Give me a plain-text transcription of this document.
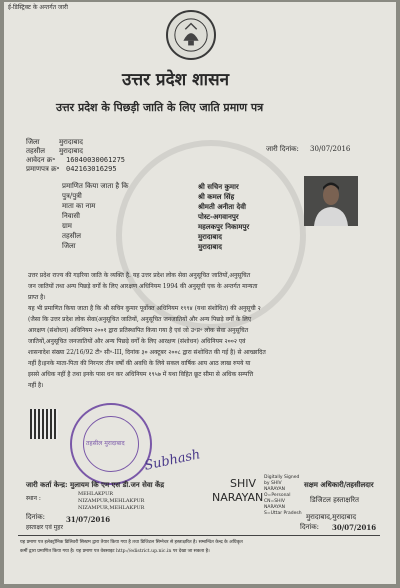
ई-डिस्ट्रिक्ट के अन्तर्गत जारी
उत्तर प्रदेश शासन
उत्तर प्रदेश के पिछड़ी जाति के लिए जाति प्रमाण पत्र
जिला	मुरादाबाद
तहसील मुरादाबाद
आवेदन क्र॰ 16040030061275
प्रमाणपत्र क्र॰ 042163016295
जारी दिनांक: 30/07/2016
प्रमाणित किया जाता है कि	श्री सचिन कुमार
पुत्र/पुत्री	श्री कमल सिंह
माता का नाम	श्रीमती अनीता देवी
निवासी	पोस्ट-अगवानपुर
ग्राम	महलकपुर निकामपुर
तहसील	मुरादाबाद
जिला	मुरादाबाद
उत्तर प्रदेश राज्य की गड़रिया जाति के व्यक्ति है. यह उत्तर प्रदेश लोक सेवा अनुसूचित जातियों,अनुसूचित
जन जातियों तथा अन्य पिछड़े वर्गों के लिए आरक्षण अधिनियम 1994 की अनुसूची एक के अन्तर्गत मान्यता
प्राप्त है।
यह भी प्रमाणित किया जाता है कि श्री सचिन कुमार पूर्वोक्त अधिनियम १९९४ (यथा संशोधित) की अनुसूची २
(जैसा कि उत्तर प्रदेश लोक सेवा(अनुसूचित जातियों, अनुसूचित जनजातियों और अन्य पिछड़े वर्गों के लिए
आरक्षण (संशोधन) अधिनियम २००१ द्वारा प्रतिस्थापित किया गया है एवं जो उ॰प्र॰ लोक सेवा अनुसूचित
जातियों,अनुसूचित जनजातियों और अन्य पिछड़े वर्गों के लिए आरक्षण (संशोधन) अधिनियम २००२ एवं
शासनादेश संख्या 22/16/92 टी॰ सी॰-III, दिनांक ३० अक्टूबर २००८ द्वारा संशोधित की गई है) से आच्छादित
नहीं है।इनके माता-पिता की निरन्तर तीन वर्षों की अवधि के लिये सकल वार्षिक आय आठ लाख रुपये या
इससे अधिक नहीं है तथा इनके पास धन कर अधिनियम १९५७ में यथा विहित छूट सीमा से अधिक सम्पत्ति
नहीं है।
तहसील मुरादाबाद
Subhash
जारी कर्ता केन्द्र: मुलायम कि एम एस डी.जन सेवा केंद्र
स्थान :
MEHLAKPUR
NIZAMPUR,MEHLAKPUR
NIZAMPUR,MEHLAKPUR
दिनांक:	31/07/2016
हस्ताक्षर एवं मुहर
SHIV
NARAYAN
Digitally Signed
by SHIV
NARAYAN
O=Personal
CN=SHIV
NARAYAN
S=Uttar Pradesh
सक्षम अधिकारी/तहसीलदार
डिजिटल हस्ताक्षरित
मुरादाबाद,मुरादाबाद
दिनांक: 30/07/2016
यह प्रमाण पत्र इलेक्ट्रॉनिक डिलिवरी सिस्टम द्वारा तैयार किया गया है तथा डिजिटल सिग्नेचर से हस्ताक्षरित है। सम्बन्धित केन्द्र के अधिकृत
कर्मी द्वारा प्रमाणित किया गया है। यह प्रमाण पत्र वेबसाइट http://edistrict.up.nic.in पर देखा जा सकता है।
